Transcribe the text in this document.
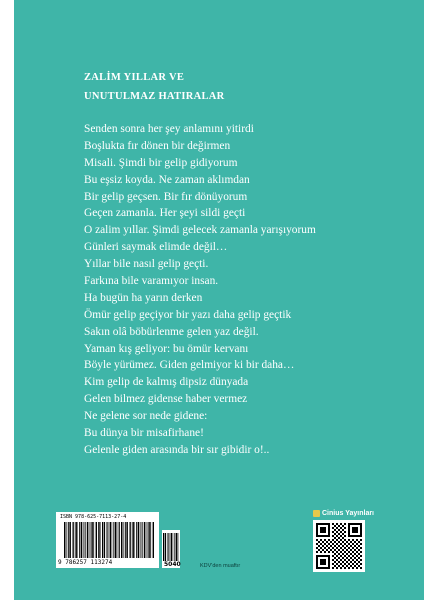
ZALİM YILLAR VE
UNUTULMAZ HATIRALAR
Senden sonra her şey anlamını yitirdi
Boşlukta fır dönen bir değirmen
Misali. Şimdi bir gelip gidiyorum
Bu eşsiz koyda. Ne zaman aklımdan
Bir gelip geçsen. Bir fır dönüyorum
Geçen zamanla. Her şeyi sildi geçti
O zalim yıllar. Şimdi gelecek zamanla yarışıyorum
Günleri saymak elimde değil…
Yıllar bile nasıl gelip geçti.
Farkına bile varamıyor insan.
Ha bugün ha yarın derken
Ömür gelip geçiyor bir yazı daha gelip geçtik
Sakın olâ böbürlenme gelen yaz değil.
Yaman kış geliyor: bu ömür kervanı
Böyle yürümez. Giden gelmiyor ki bir daha…
Kim gelip de kalmış dipsiz dünyada
Gelen bilmez gidense haber vermez
Ne gelene sor nede gidene:
Bu dünya bir misafirhane!
Gelenle giden arasında bir sır gibidir o!..
ISBN 978-625-7113-27-4
9 786257 113274	5040	KDV'den muaftır
Cinius Yayınları
